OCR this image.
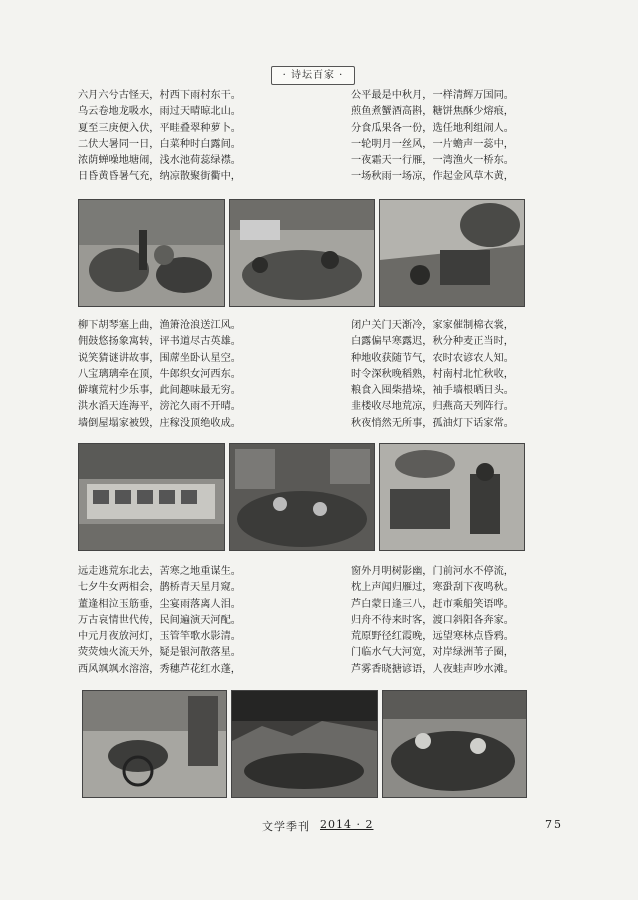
· 诗坛百家 ·
六月六兮古怪天，村西下雨村东干。
乌云卷地龙吸水，雨过天晴晾北山。
夏至三庚便入伏，平畦叠翠种萝卜。
二伏大暑同一日，白菜种时白露间。
浓荫蝉噪地塘闹，浅水池荷蕊绿襟。
日昏黄昏暑气充，纳凉散聚街衢中，
公平最是中秋月，一样清辉万国同。
煎鱼煮蟹酒高斟，糖饼焦酥少熔痕，
分食瓜果各一份，选任地利组闹人。
一轮明月一丝风，一片蟾声一蕊中，
一夜霜天一行雁，一湾渔火一桥东。
一场秋雨一场凉，作起金风草木黄，
柳下胡琴塞上曲，渔箫沧浪送江风。
佣鼓悠扬象寓转，评书道尽古英雄。
说笑猜谜讲故事，围蓆坐卧认星空。
八宝璃璃牵在顶，牛郎织女河西东。
僻壤荒村少乐事，此间趣味最无穷。
洪水滔天连海平，滂沱久雨不开晴。
墙倒屋塌家被毁，庄稼没顶绝收成。
闭户关门天渐冷，家家催制棉衣裳，
白露偏早寒露迟，秋分种麦正当时，
种地收获随节气，农时农谚农人知。
时令深秋晚稻熟，村南村北忙秋收，
粮食入囤柴措垛，袖手墙根晒日头。
韭楼收尽地荒凉，归燕高天列阵行。
秋夜悄然无所事，孤油灯下话家常。
远走逃荒东北去，苦寒之地重谋生。
七夕牛女两相会，鹊桥青天星月窥。
董逢相泣玉筋垂，尘宴雨落离人泪。
万古哀情世代传，民间遍演天河配。
中元月夜放河灯，玉管竿歌水影清。
荧荧烛火流天外，疑是银河散落星。
西风飒飒水溶溶，秀穗芦花红水蓬，
窗外月明树影幽，门前河水不停流，
枕上声闻归雁过，寒蛩刮下夜鸣秋。
芦白蒙日逢三八，赶市乘船笑语哗。
归舟不待来时客，渡口斜阳各奔家。
荒原野径红霞晚，远望寒林点昏鸦。
门临水气大河宽，对岸绿洲苇子圈，
芦雾香晓搪谚语，人夜蛙声吵水滩。
文学季刊 2014 · 2	75
